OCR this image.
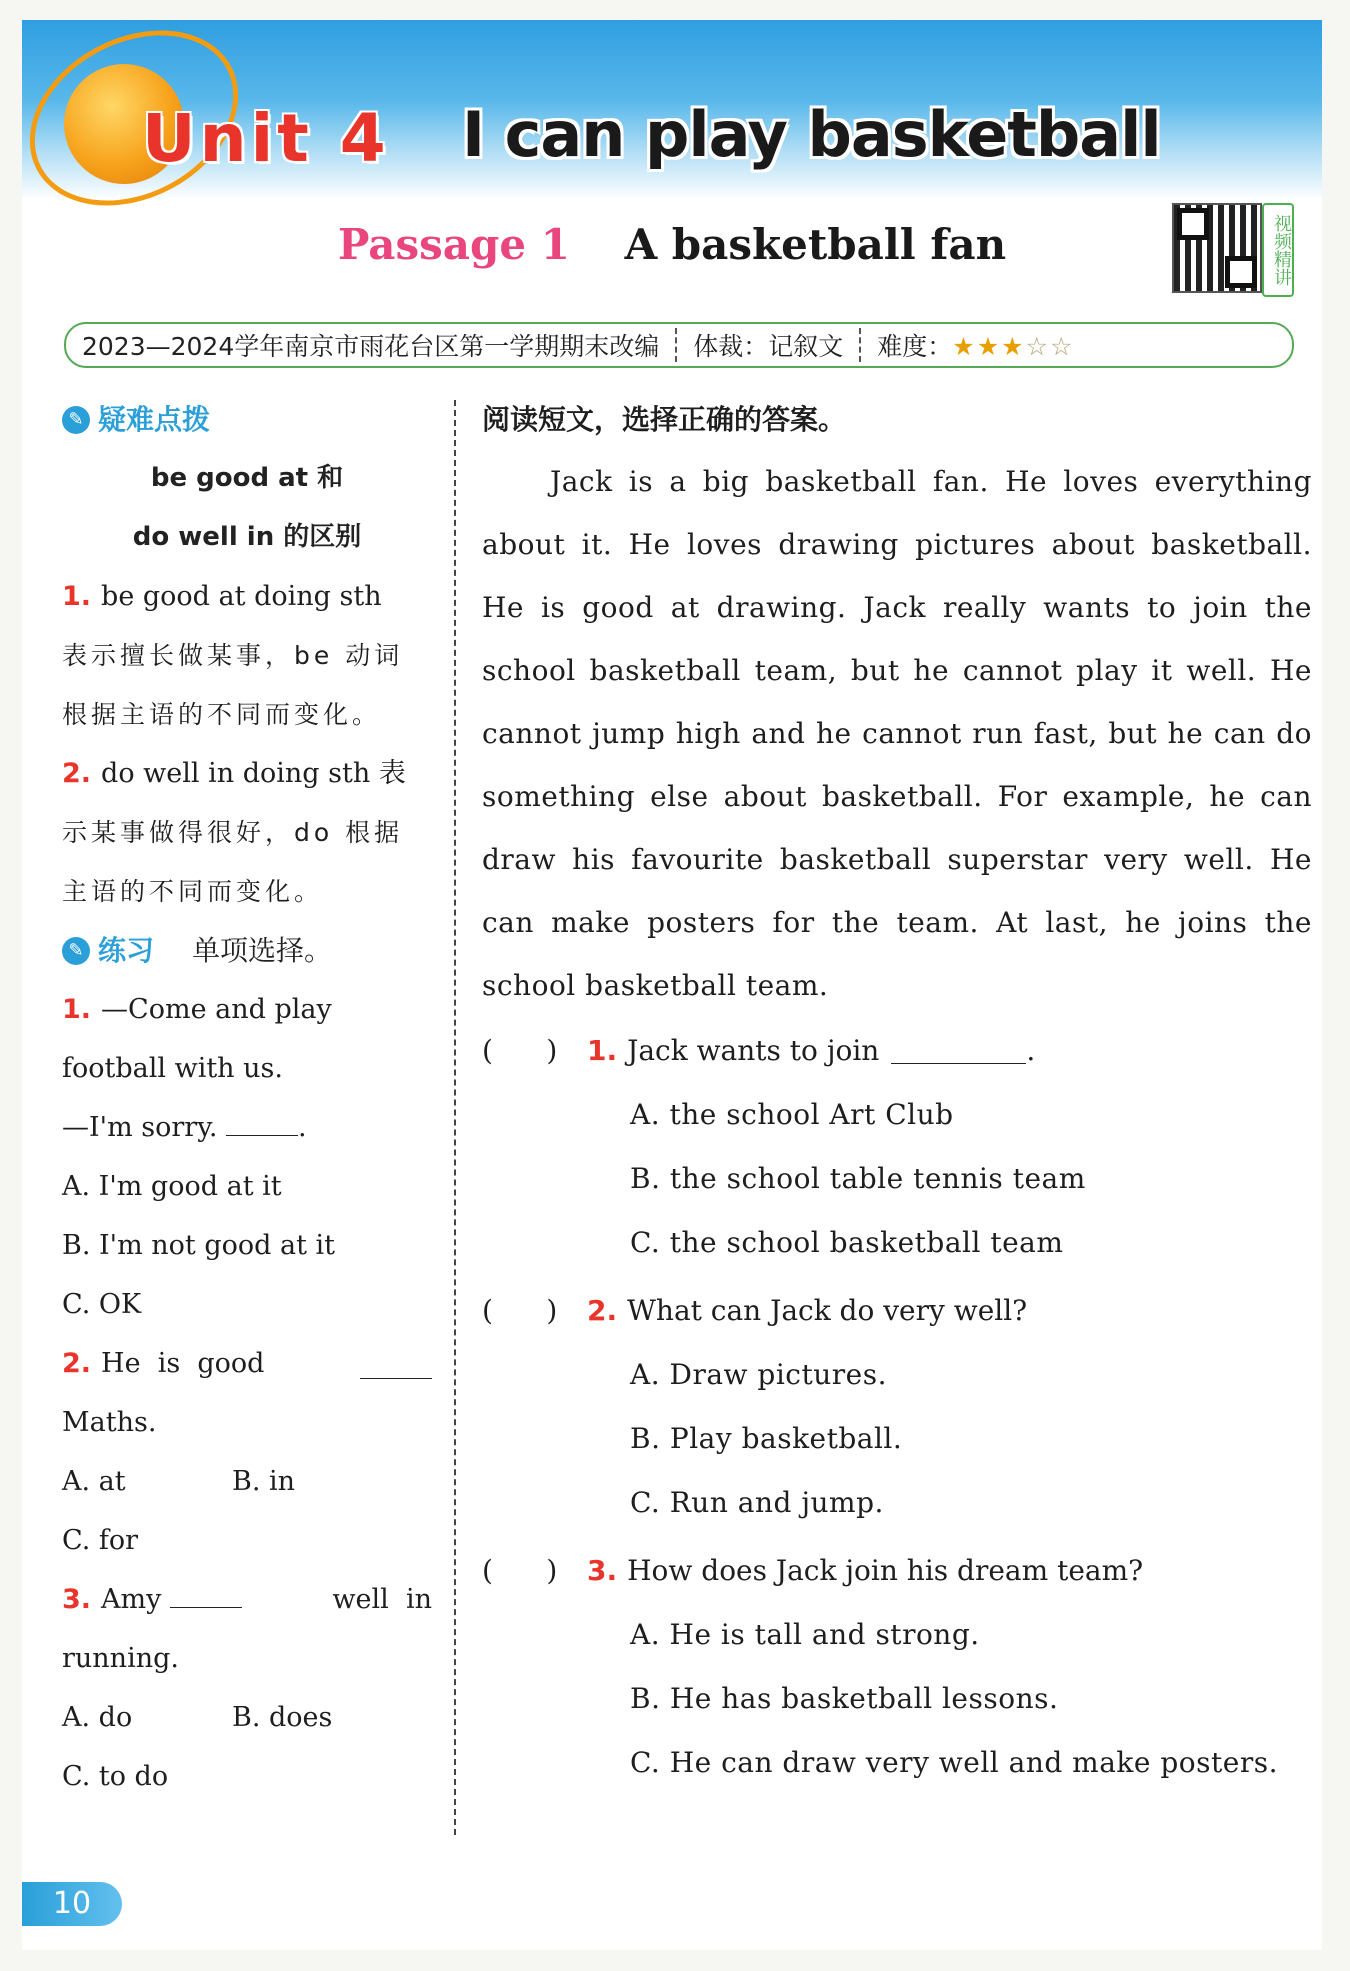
Unit 4 I can play basketball
Passage 1 A basketball fan	视频精讲
2023—2024学年南京市雨花台区第一学期期末改编	体裁：记叙文	难度：★★★☆☆
✎ 疑难点拨
be good at 和
do well in 的区别
1. be good at doing sth
表示擅长做某事，be 动词
根据主语的不同而变化。
2. do well in doing sth 表
示某事做得很好，do 根据
主语的不同而变化。
✎ 练习 单项选择。
1. —Come and play
football with us.
—I'm sorry.	.
A. I'm good at it
B. I'm not good at it
C. OK
2. He  is  good
Maths.
A. at	B. in
C. for
3. Amy	well  in
running.
A. do	B. does
C. to do
阅读短文，选择正确的答案。

Jack is a big basketball fan. He loves everything about it. He loves drawing pictures about basketball. He is good at drawing. Jack really wants to join the school basketball team, but he cannot play it well. He cannot jump high and he cannot run fast, but he can do something else about basketball. For example, he can draw his favourite basketball superstar very well. He can make posters for the team. At last, he joins the school basketball team.

(      )	1. Jack wants to join	.
A. the school Art Club
B. the school table tennis team
C. the school basketball team
(      )	2. What can Jack do very well?
A. Draw pictures.
B. Play basketball.
C. Run and jump.
(      )	3. How does Jack join his dream team?
A. He is tall and strong.
B. He has basketball lessons.
C. He can draw very well and make posters.
10
